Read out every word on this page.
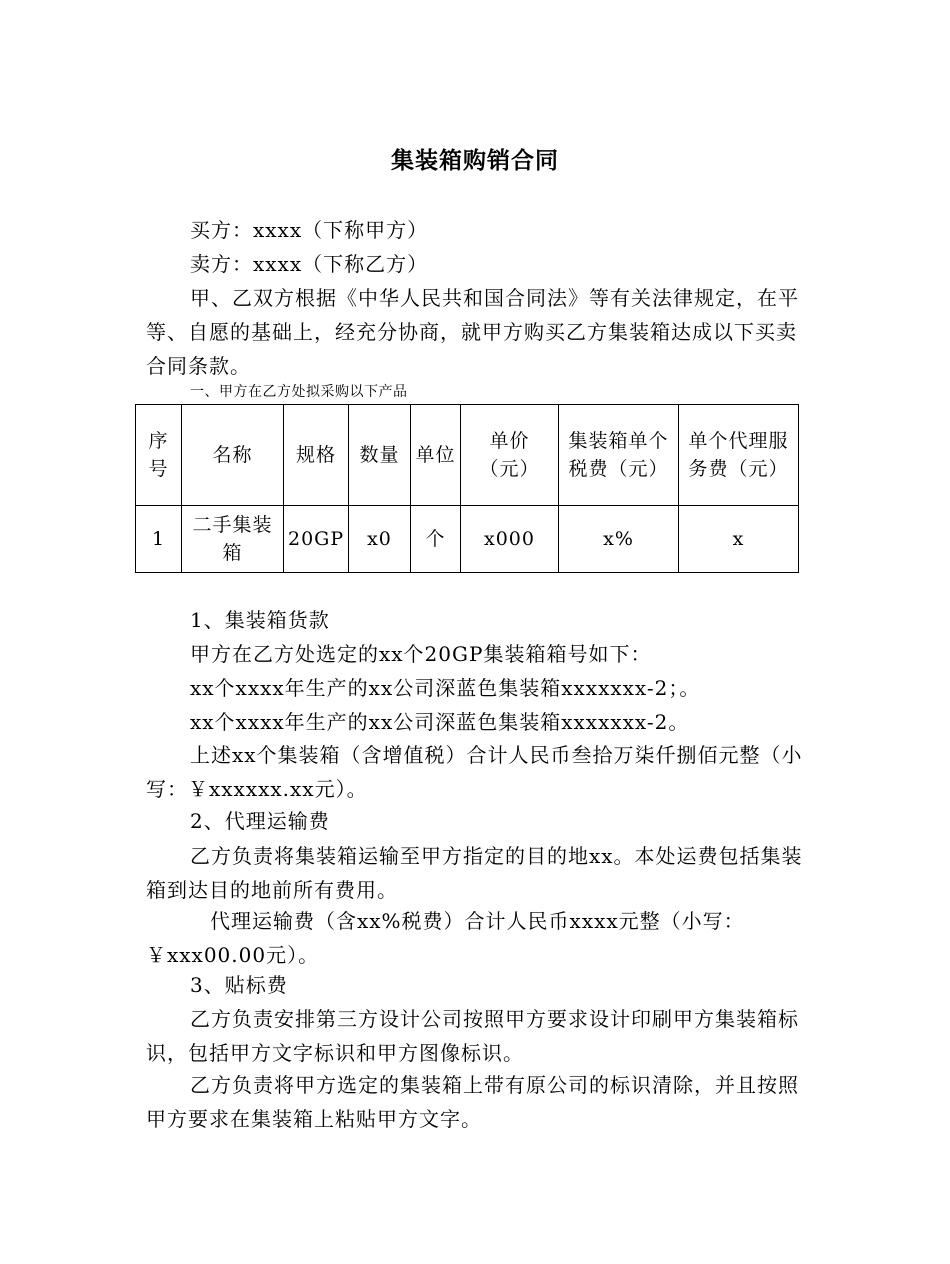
集装箱购销合同
买方：xxxx（下称甲方）
卖方：xxxx（下称乙方）
甲、乙双方根据《中华人民共和国合同法》等有关法律规定，在平等、自愿的基础上，经充分协商，就甲方购买乙方集装箱达成以下买卖合同条款。
一、甲方在乙方处拟采购以下产品
序号	名称	规格	数量	单位	单价（元）	集装箱单个税费（元）	单个代理服务费（元）
1	二手集装箱	20GP	x0	个	x000	x%	x
1、集装箱货款
甲方在乙方处选定的xx个20GP集装箱箱号如下：
xx个xxxx年生产的xx公司深蓝色集装箱xxxxxxx-2；。
xx个xxxx年生产的xx公司深蓝色集装箱xxxxxxx-2。
上述xx个集装箱（含增值税）合计人民币叁拾万柒仟捌佰元整（小写：￥xxxxxx.xx元）。
2、代理运输费
乙方负责将集装箱运输至甲方指定的目的地xx。本处运费包括集装箱到达目的地前所有费用。
代理运输费（含xx%税费）合计人民币xxxx元整（小写：￥xxx00.00元）。
3、贴标费
乙方负责安排第三方设计公司按照甲方要求设计印刷甲方集装箱标识，包括甲方文字标识和甲方图像标识。
乙方负责将甲方选定的集装箱上带有原公司的标识清除，并且按照甲方要求在集装箱上粘贴甲方文字。
